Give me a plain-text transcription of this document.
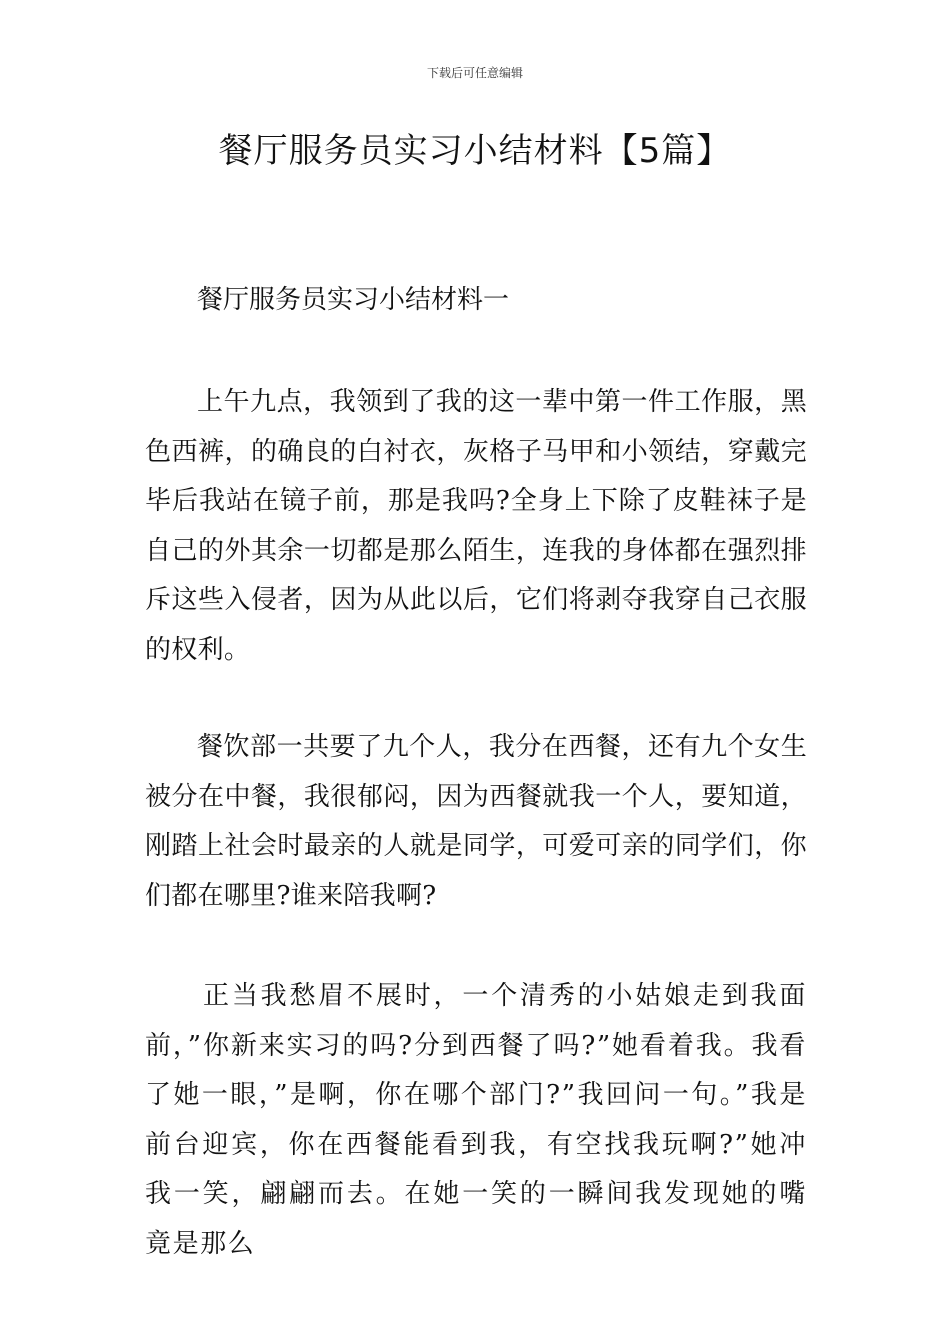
下载后可任意编辑
餐厅服务员实习小结材料【5篇】

餐厅服务员实习小结材料一

上午九点，我领到了我的这一辈中第一件工作服，黑色西裤，的确良的白衬衣，灰格子马甲和小领结，穿戴完毕后我站在镜子前，那是我吗?全身上下除了皮鞋袜子是自己的外其余一切都是那么陌生，连我的身体都在强烈排斥这些入侵者，因为从此以后，它们将剥夺我穿自己衣服的权利。

餐饮部一共要了九个人，我分在西餐，还有九个女生被分在中餐，我很郁闷，因为西餐就我一个人，要知道，刚踏上社会时最亲的人就是同学，可爱可亲的同学们，你们都在哪里?谁来陪我啊?

正当我愁眉不展时，一个清秀的小姑娘走到我面前，”你新来实习的吗?分到西餐了吗?”她看着我。我看了她一眼，”是啊，你在哪个部门?”我回问一句。”我是前台迎宾，你在西餐能看到我，有空找我玩啊?”她冲我一笑，翩翩而去。在她一笑的一瞬间我发现她的嘴竟是那么
